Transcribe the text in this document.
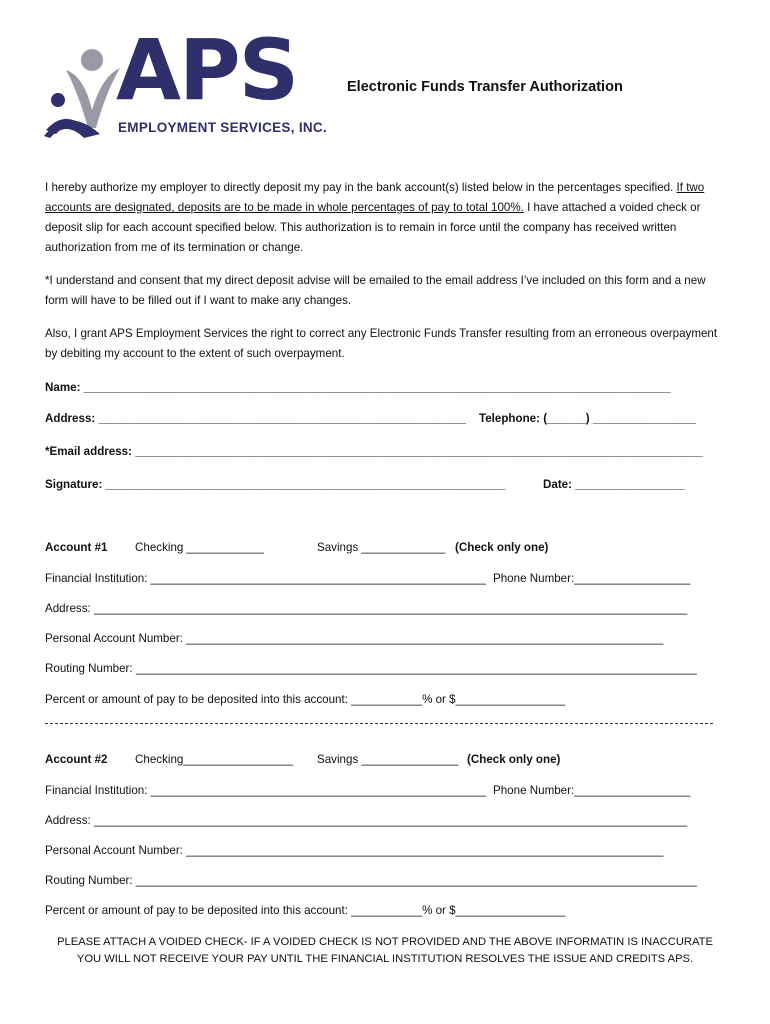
APS
EMPLOYMENT SERVICES, INC.
Electronic Funds Transfer Authorization
I hereby authorize my employer to directly deposit my pay in the bank account(s) listed below in the percentages specified. If two accounts are designated, deposits are to be made in whole percentages of pay to total 100%. I have attached a voided check or deposit slip for each account specified below. This authorization is to remain in force until the company has received written authorization from me of its termination or change.
*I understand and consent that my direct deposit advise will be emailed to the email address I’ve included on this form and a new form will have to be filled out if I want to make any changes.
Also, I grant APS Employment Services the right to correct any Electronic Funds Transfer resulting from an erroneous overpayment by debiting my account to the extent of such overpayment.
Name: ___________________________________________________________________________________________
Address: _________________________________________________________ Telephone: (______) ________________
*Email address: ________________________________________________________________________________________
Signature: ______________________________________________________________	Date: _________________
Account #1 Checking ____________	Savings _____________ (Check only one)
Financial Institution: ____________________________________________________ Phone Number:__________________
Address: ____________________________________________________________________________________________
Personal Account Number: __________________________________________________________________________
Routing Number: _______________________________________________________________________________________
Percent or amount of pay to be deposited into this account: ___________% or $_________________
Account #2 Checking_________________ Savings _______________ (Check only one)
Financial Institution: ____________________________________________________ Phone Number:__________________
Address: ____________________________________________________________________________________________
Personal Account Number: __________________________________________________________________________
Routing Number: _______________________________________________________________________________________
Percent or amount of pay to be deposited into this account: ___________% or $_________________
PLEASE ATTACH A VOIDED CHECK- IF A VOIDED CHECK IS NOT PROVIDED AND THE ABOVE INFORMATIN IS INACCURATE
YOU WILL NOT RECEIVE YOUR PAY UNTIL THE FINANCIAL INSTITUTION RESOLVES THE ISSUE AND CREDITS APS.
